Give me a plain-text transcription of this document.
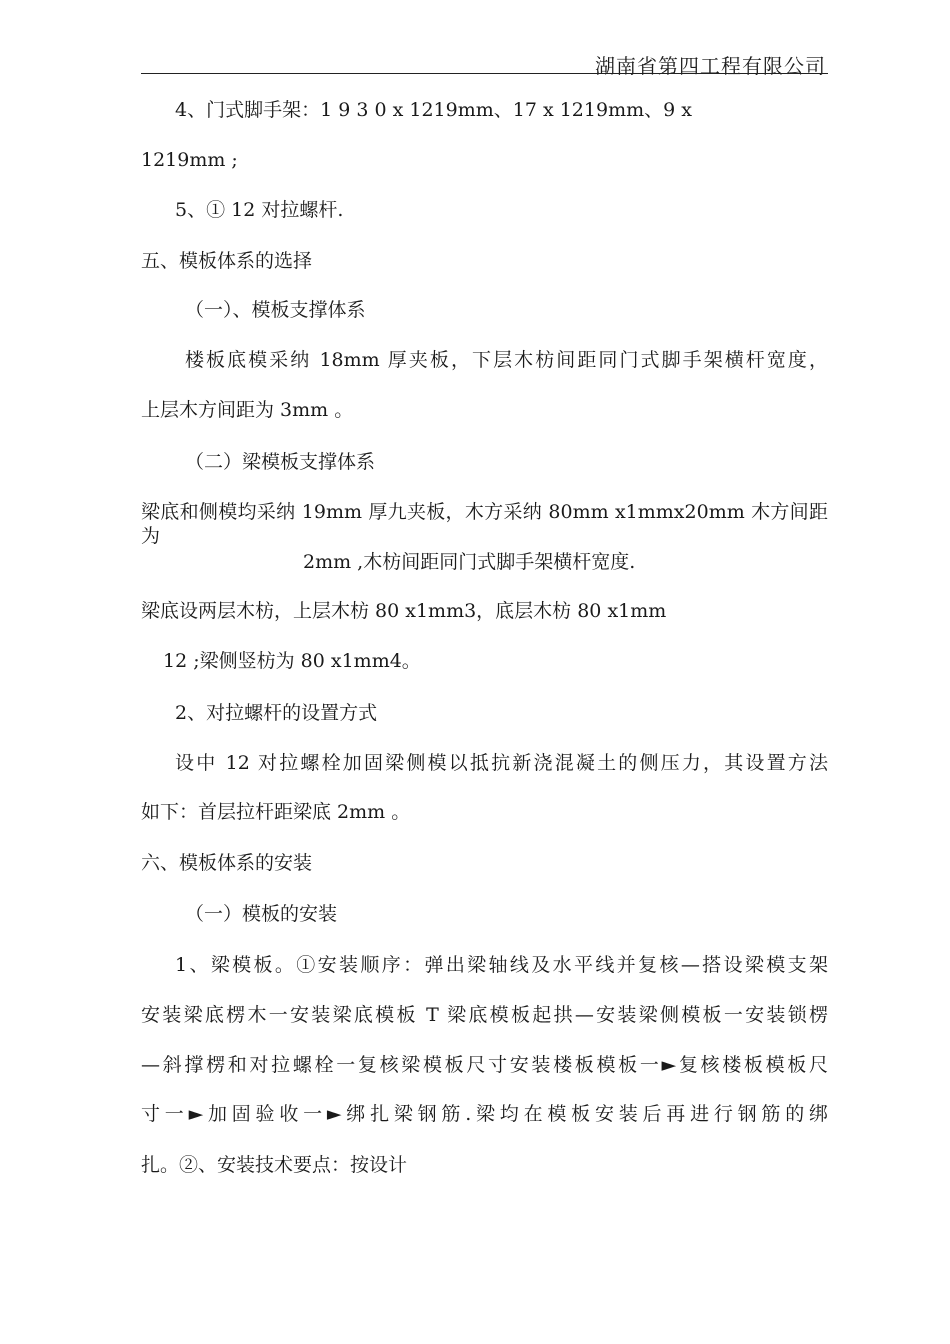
湖南省第四工程有限公司
4、门式脚手架：1 9 3 0 x 1219mm、17 x 1219mm、9 x
1219mm ;
5、① 12 对拉螺杆.
五、模板体系的选择
（一）、模板支撑体系
楼板底模采纳 18mm 厚夹板，下层木枋间距同门式脚手架横杆宽度，
上层木方间距为 3mm 。
（二）梁模板支撑体系
梁底和侧模均采纳 19mm 厚九夹板，木方采纳 80mm x1mmx20mm 木方间距为
2mm ,木枋间距同门式脚手架横杆宽度.
梁底设两层木枋，上层木枋 80 x1mm3，底层木枋 80 x1mm
12 ;梁侧竖枋为 80 x1mm4。
2、对拉螺杆的设置方式
设中 12 对拉螺栓加固梁侧模以抵抗新浇混凝土的侧压力，其设置方法
如下：首层拉杆距梁底 2mm 。
六、模板体系的安装
（一）模板的安装
1、梁模板。①安装顺序：弹出梁轴线及水平线并复核—搭设梁模支架
安装梁底楞木一安装梁底模板 T 梁底模板起拱—安装梁侧模板一安装锁楞
—斜撑楞和对拉螺栓一复核梁模板尺寸安装楼板模板一►复核楼板模板尺
寸一►加固验收一►绑扎梁钢筋.梁均在模板安装后再进行钢筋的绑
扎。②、安装技术要点：按设计
